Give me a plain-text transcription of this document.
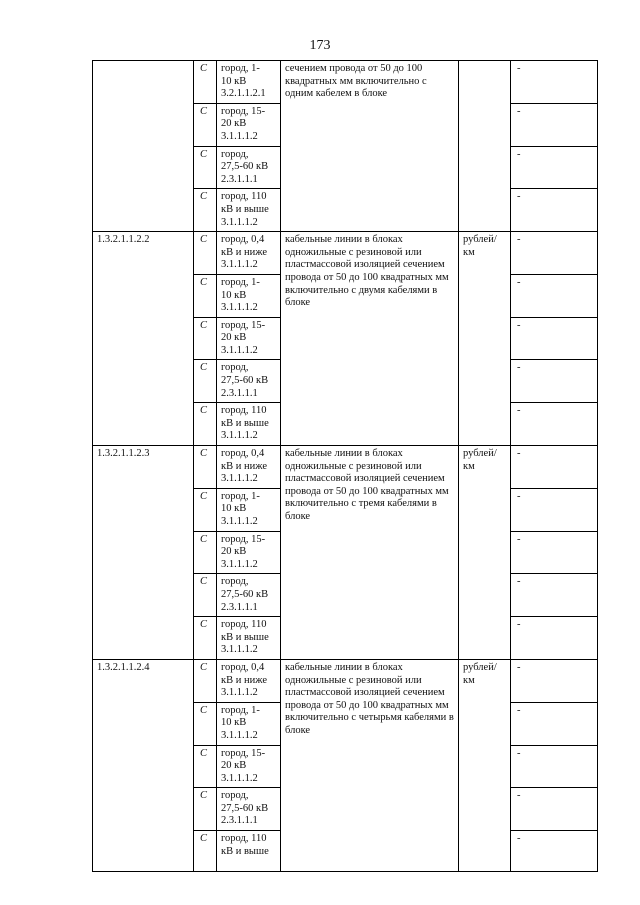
173
	С	город, 1-
10 кВ
3.2.1.1.2.1	сечением провода от 50 до 100 квадратных мм включительно с одним кабелем в блоке		-
	С	город, 15-
20 кВ
3.1.1.1.2			-
	С	город,
27,5-60 кВ
2.3.1.1.1			-
	С	город, 110
кВ и выше
3.1.1.1.2			-
1.3.2.1.1.2.2	С	город, 0,4
кВ и ниже
3.1.1.1.2	кабельные линии в блоках одножильные с резиновой или пластмассовой изоляцией сечением провода от 50 до 100 квадратных мм включительно с двумя кабелями в блоке	рублей/ км	-
	С	город, 1-
10 кВ
3.1.1.1.2			-
	С	город, 15-
20 кВ
3.1.1.1.2			-
	С	город,
27,5-60 кВ
2.3.1.1.1			-
	С	город, 110
кВ и выше
3.1.1.1.2			-
1.3.2.1.1.2.3	С	город, 0,4
кВ и ниже
3.1.1.1.2	кабельные линии в блоках одножильные с резиновой или пластмассовой изоляцией сечением провода от 50 до 100 квадратных мм включительно с тремя кабелями в блоке	рублей/ км	-
	С	город, 1-
10 кВ
3.1.1.1.2			-
	С	город, 15-
20 кВ
3.1.1.1.2			-
	С	город,
27,5-60 кВ
2.3.1.1.1			-
	С	город, 110
кВ и выше
3.1.1.1.2			-
1.3.2.1.1.2.4	С	город, 0,4
кВ и ниже
3.1.1.1.2	кабельные линии в блоках одножильные с резиновой или пластмассовой изоляцией сечением провода от 50 до 100 квадратных мм включительно с четырьмя кабелями в блоке	рублей/ км	-
	С	город, 1-
10 кВ
3.1.1.1.2			-
	С	город, 15-
20 кВ
3.1.1.1.2			-
	С	город,
27,5-60 кВ
2.3.1.1.1			-
	С	город, 110
кВ и выше			-
